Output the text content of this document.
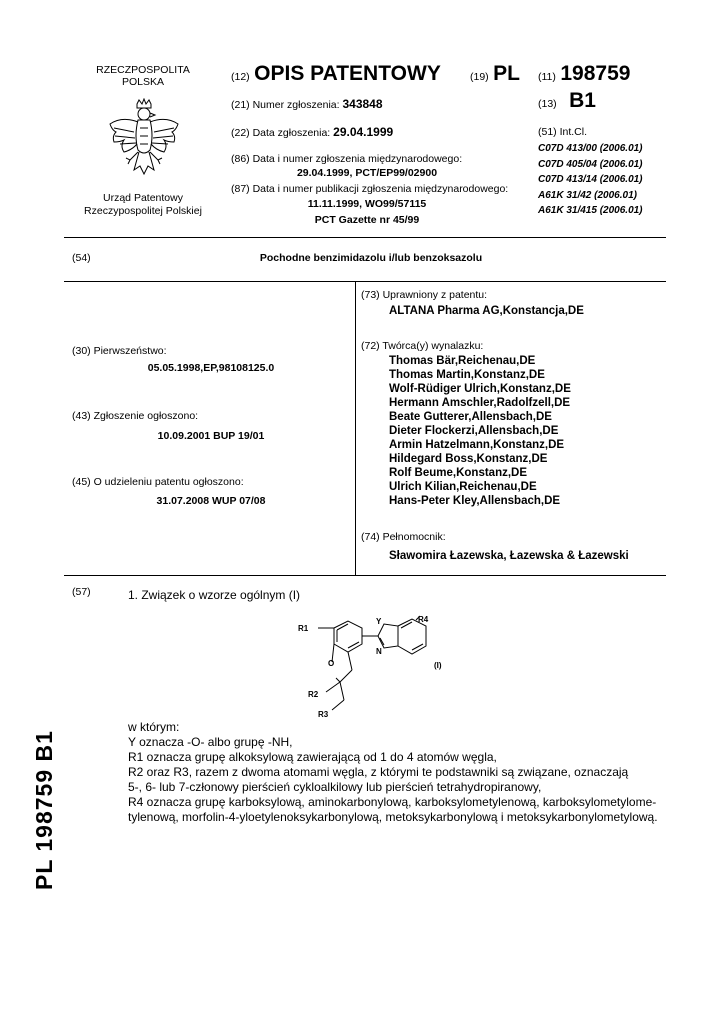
RZECZPOSPOLITA
POLSKA
Urząd Patentowy
Rzeczypospolitej Polskiej
(12) OPIS PATENTOWY	(19) PL
(21) Numer zgłoszenia: 343848
(22) Data zgłoszenia: 29.04.1999
(86) Data i numer zgłoszenia międzynarodowego:
29.04.1999, PCT/EP99/02900
(87) Data i numer publikacji zgłoszenia międzynarodowego:
11.11.1999, WO99/57115
PCT Gazette nr 45/99
(11) 198759
(13) B1
(51) Int.Cl.
C07D 413/00 (2006.01)
C07D 405/04 (2006.01)
C07D 413/14 (2006.01)
A61K 31/42 (2006.01)
A61K 31/415 (2006.01)
(54)	Pochodne benzimidazolu i/lub benzoksazolu
(30) Pierwszeństwo:
05.05.1998,EP,98108125.0
(43) Zgłoszenie ogłoszono:
10.09.2001 BUP 19/01
(45) O udzieleniu patentu ogłoszono:
31.07.2008 WUP 07/08
(73) Uprawniony z patentu:
ALTANA Pharma AG,Konstancja,DE
(72) Twórca(y) wynalazku:
Thomas Bär,Reichenau,DE
Thomas Martin,Konstanz,DE
Wolf-Rüdiger Ulrich,Konstanz,DE
Hermann Amschler,Radolfzell,DE
Beate Gutterer,Allensbach,DE
Dieter Flockerzi,Allensbach,DE
Armin Hatzelmann,Konstanz,DE
Hildegard Boss,Konstanz,DE
Rolf Beume,Konstanz,DE
Ulrich Kilian,Reichenau,DE
Hans-Peter Kley,Allensbach,DE
(74) Pełnomocnik:
Sławomira Łazewska, Łazewska & Łazewski
(57)	1. Związek o wzorze ogólnym (I)
R1
O
R2
R3
Y
N
R4
(I)
w którym:
Y oznacza -O- albo grupę -NH,
R1 oznacza grupę alkoksylową zawierającą od 1 do 4 atomów węgla,
R2 oraz R3, razem z dwoma atomami węgla, z którymi te podstawniki są związane, oznaczają
5-, 6- lub 7-członowy pierścień cykloalkilowy lub pierścień tetrahydropiranowy,
R4 oznacza grupę karboksylową, aminokarbonylową, karboksylometylenową, karboksylometylome-
tylenową, morfolin-4-yloetylenoksykarbonylową, metoksykarbonylową i metoksykarbonylometylową.
PL 198759 B1
